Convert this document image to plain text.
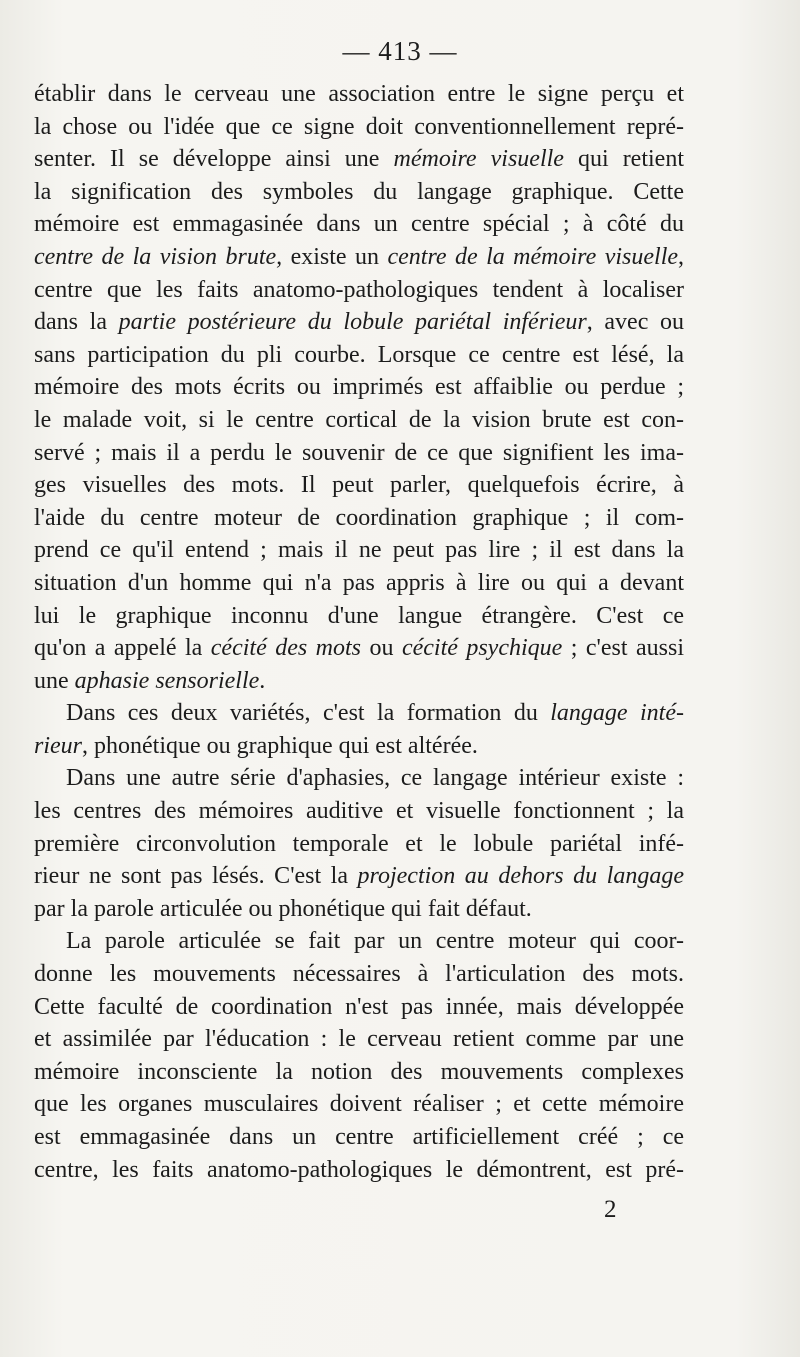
— 413 —
établir dans le cerveau une association entre le signe perçu et
la chose ou l'idée que ce signe doit conventionnellement repré-
senter. Il se développe ainsi une mémoire visuelle qui retient
la signification des symboles du langage graphique. Cette
mémoire est emmagasinée dans un centre spécial ; à côté du
centre de la vision brute, existe un centre de la mémoire visuelle,
centre que les faits anatomo-pathologiques tendent à localiser
dans la partie postérieure du lobule pariétal inférieur, avec ou
sans participation du pli courbe. Lorsque ce centre est lésé, la
mémoire des mots écrits ou imprimés est affaiblie ou perdue ;
le malade voit, si le centre cortical de la vision brute est con-
servé ; mais il a perdu le souvenir de ce que signifient les ima-
ges visuelles des mots. Il peut parler, quelquefois écrire, à
l'aide du centre moteur de coordination graphique ; il com-
prend ce qu'il entend ; mais il ne peut pas lire ; il est dans la
situation d'un homme qui n'a pas appris à lire ou qui a devant
lui le graphique inconnu d'une langue étrangère. C'est ce
qu'on a appelé la cécité des mots ou cécité psychique ; c'est aussi
une aphasie sensorielle.
Dans ces deux variétés, c'est la formation du langage inté-
rieur, phonétique ou graphique qui est altérée.
Dans une autre série d'aphasies, ce langage intérieur existe :
les centres des mémoires auditive et visuelle fonctionnent ; la
première circonvolution temporale et le lobule pariétal infé-
rieur ne sont pas lésés. C'est la projection au dehors du langage
par la parole articulée ou phonétique qui fait défaut.
La parole articulée se fait par un centre moteur qui coor-
donne les mouvements nécessaires à l'articulation des mots.
Cette faculté de coordination n'est pas innée, mais développée
et assimilée par l'éducation : le cerveau retient comme par une
mémoire inconsciente la notion des mouvements complexes
que les organes musculaires doivent réaliser ; et cette mémoire
est emmagasinée dans un centre artificiellement créé ; ce
centre, les faits anatomo-pathologiques le démontrent, est pré-
2
